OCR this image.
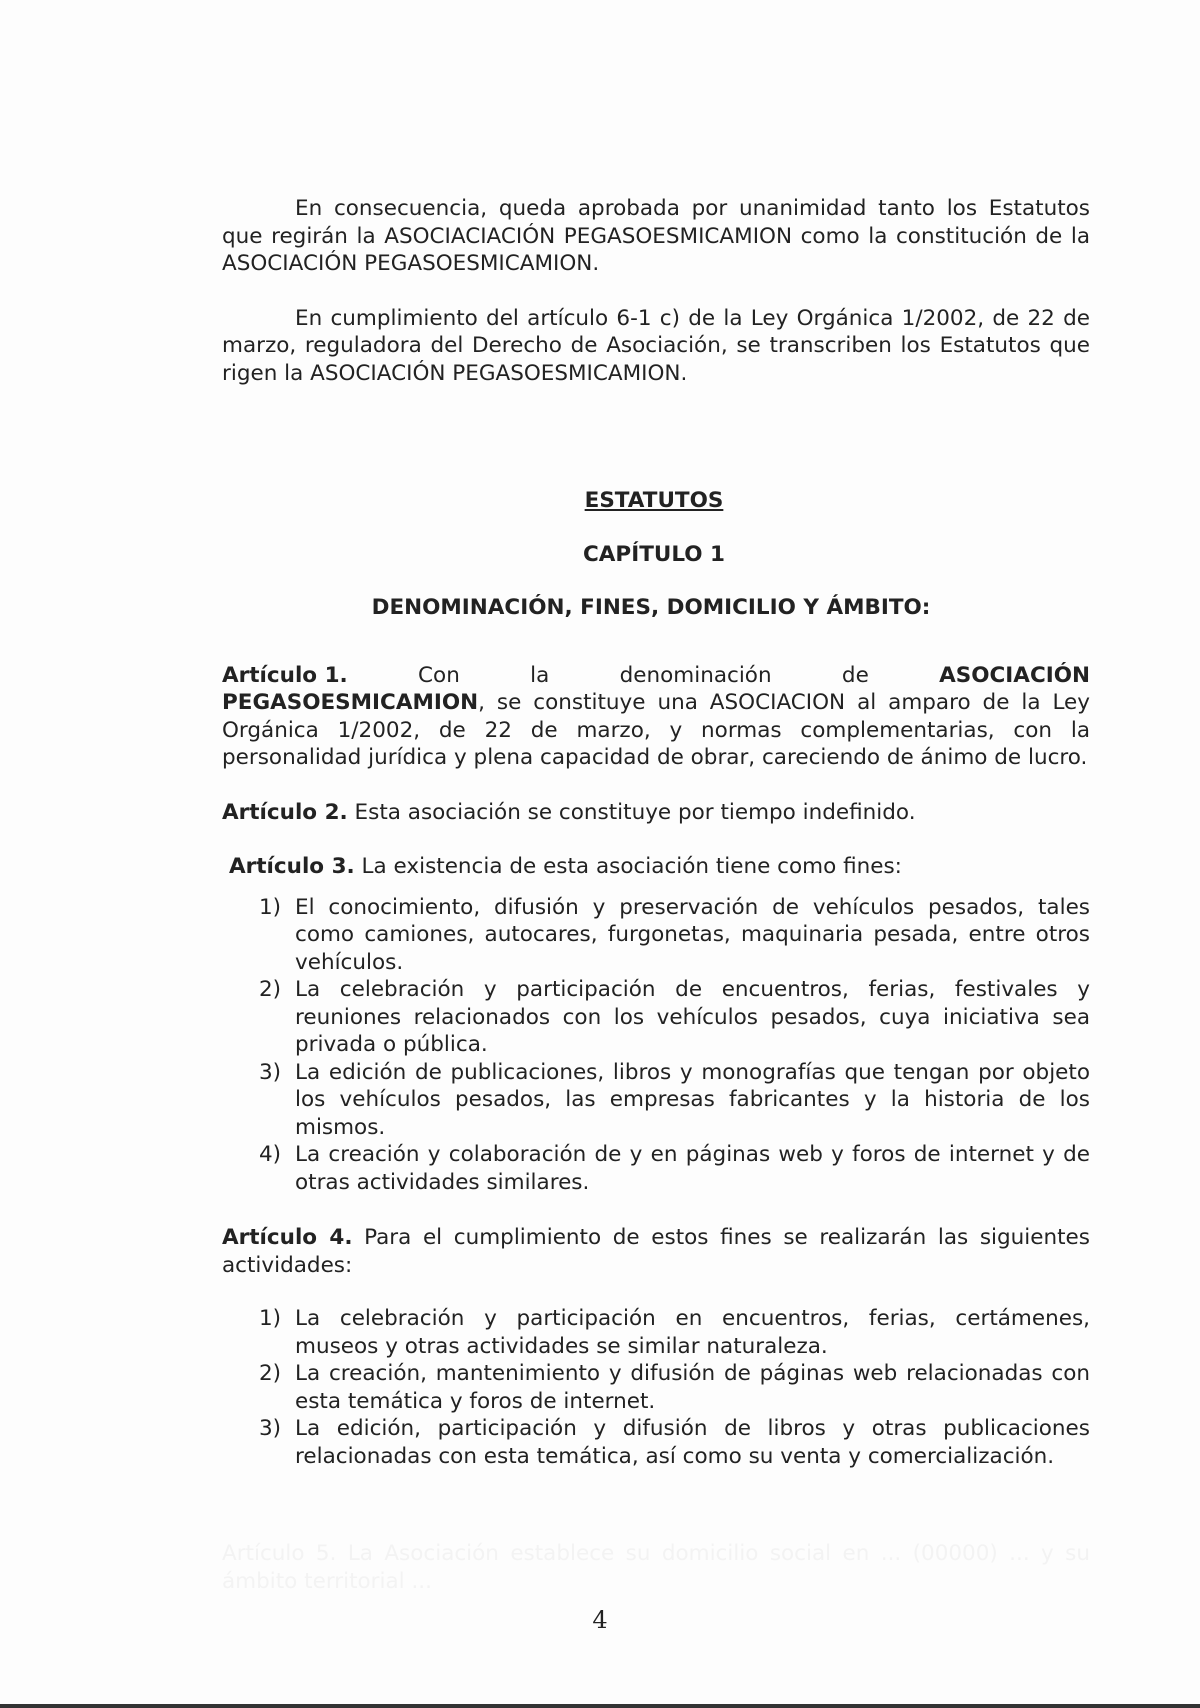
En consecuencia, queda aprobada por unanimidad tanto los Estatutos que regirán la ASOCIACIACIÓN PEGASOESMICAMION como la constitución de la ASOCIACIÓN PEGASOESMICAMION.

En cumplimiento del artículo 6-1 c) de la Ley Orgánica 1/2002, de 22 de marzo, reguladora del Derecho de Asociación, se transcriben los Estatutos que rigen la ASOCIACIÓN PEGASOESMICAMION.

ESTATUTOS

CAPÍTULO 1

DENOMINACIÓN, FINES, DOMICILIO Y ÁMBITO:

Artículo 1.	Con	la	denominación	de	ASOCIACIÓN

PEGASOESMICAMION, se constituye una ASOCIACION al amparo de la Ley Orgánica 1/2002, de 22 de marzo, y normas complementarias, con la personalidad jurídica y plena capacidad de obrar, careciendo de ánimo de lucro.

Artículo 2. Esta asociación se constituye por tiempo indefinido.

Artículo 3. La existencia de esta asociación tiene como fines:

1) El conocimiento, difusión y preservación de vehículos pesados, tales como camiones, autocares, furgonetas, maquinaria pesada, entre otros vehículos.
2) La celebración y participación de encuentros, ferias, festivales y reuniones relacionados con los vehículos pesados, cuya iniciativa sea privada o pública.
3) La edición de publicaciones, libros y monografías que tengan por objeto los vehículos pesados, las empresas fabricantes y la historia de los mismos.
4) La creación y colaboración de y en páginas web y foros de internet y de otras actividades similares.

Artículo 4. Para el cumplimiento de estos fines se realizarán las siguientes actividades:

1) La celebración y participación en encuentros, ferias, certámenes, museos y otras actividades se similar naturaleza.
2) La creación, mantenimiento y difusión de páginas web relacionadas con esta temática y foros de internet.
3) La edición, participación y difusión de libros y otras publicaciones relacionadas con esta temática, así como su venta y comercialización.

Artículo 5. La Asociación establece su domicilio social en ... (00000) ... y su ámbito territorial ...

4
